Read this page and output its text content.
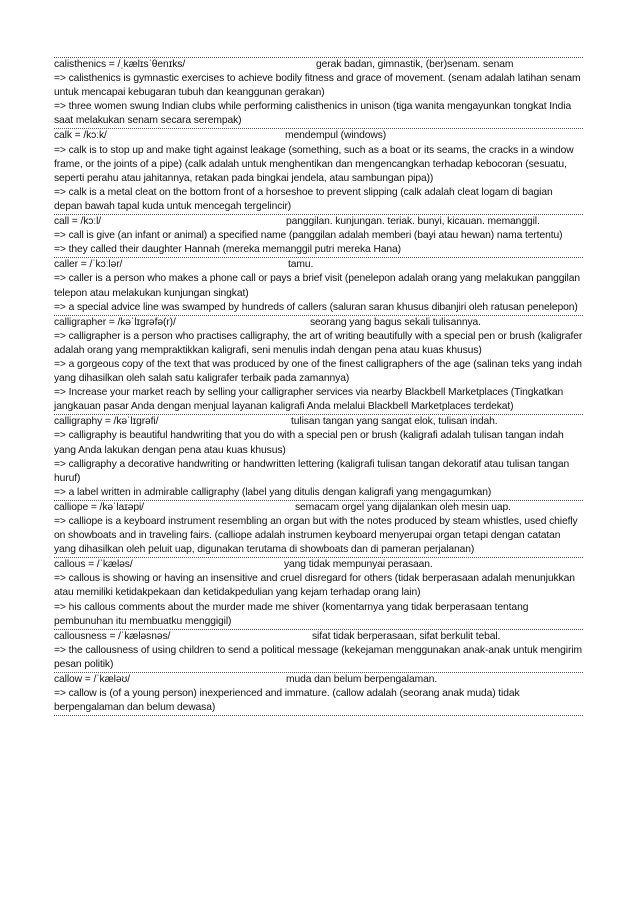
calisthenics = /ˌkælɪsˈθenɪks/	gerak badan, gimnastik, (ber)senam. senam
=> calisthenics is gymnastic exercises to achieve bodily fitness and grace of movement. (senam adalah latihan senam untuk mencapai kebugaran tubuh dan keanggunan gerakan)
=> three women swung Indian clubs while performing calisthenics in unison (tiga wanita mengayunkan tongkat India saat melakukan senam secara serempak)
calk = /kɔːk/	mendempul (windows)
=> calk is to stop up and make tight against leakage (something, such as a boat or its seams, the cracks in a window frame, or the joints of a pipe) (calk adalah untuk menghentikan dan mengencangkan terhadap kebocoran (sesuatu, seperti perahu atau jahitannya, retakan pada bingkai jendela, atau sambungan pipa))
=> calk is a metal cleat on the bottom front of a horseshoe to prevent slipping (calk adalah cleat logam di bagian depan bawah tapal kuda untuk mencegah tergelincir)
call = /kɔːl/	panggilan. kunjungan. teriak. bunyi, kicauan. memanggil.
=> call is give (an infant or animal) a specified name (panggilan adalah memberi (bayi atau hewan) nama tertentu)
=> they called their daughter Hannah (mereka memanggil putri mereka Hana)
caller = /ˈkɔːlər/	tamu.
=> caller is a person who makes a phone call or pays a brief visit (penelepon adalah orang yang melakukan panggilan telepon atau melakukan kunjungan singkat)
=> a special advice line was swamped by hundreds of callers (saluran saran khusus dibanjiri oleh ratusan penelepon)
calligrapher = /kəˈlɪɡrəfə(r)/	seorang yang bagus sekali tulisannya.
=> calligrapher is a person who practises calligraphy, the art of writing beautifully with a special pen or brush (kaligrafer adalah orang yang mempraktikkan kaligrafi, seni menulis indah dengan pena atau kuas khusus)
=> a gorgeous copy of the text that was produced by one of the finest calligraphers of the age (salinan teks yang indah yang dihasilkan oleh salah satu kaligrafer terbaik pada zamannya)
=> Increase your market reach by selling your calligrapher services via nearby Blackbell Marketplaces (Tingkatkan jangkauan pasar Anda dengan menjual layanan kaligrafi Anda melalui Blackbell Marketplaces terdekat)
calligraphy = /kəˈlɪɡrəfi/	tulisan tangan yang sangat elok, tulisan indah.
=> calligraphy is beautiful handwriting that you do with a special pen or brush (kaligrafi adalah tulisan tangan indah yang Anda lakukan dengan pena atau kuas khusus)
=> calligraphy a decorative handwriting or handwritten lettering (kaligrafi tulisan tangan dekoratif atau tulisan tangan huruf)
=> a label written in admirable calligraphy (label yang ditulis dengan kaligrafi yang mengagumkan)
calliope = /kəˈlaɪəpi/	semacam orgel yang dijalankan oleh mesin uap.
=> calliope is a keyboard instrument resembling an organ but with the notes produced by steam whistles, used chiefly on showboats and in traveling fairs. (calliope adalah instrumen keyboard menyerupai organ tetapi dengan catatan yang dihasilkan oleh peluit uap, digunakan terutama di showboats dan di pameran perjalanan)
callous = /ˈkæləs/	yang tidak mempunyai perasaan.
=> callous is showing or having an insensitive and cruel disregard for others (tidak berperasaan adalah menunjukkan atau memiliki ketidakpekaan dan ketidakpedulian yang kejam terhadap orang lain)
=> his callous comments about the murder made me shiver (komentarnya yang tidak berperasaan tentang pembunuhan itu membuatku menggigil)
callousness = /ˈkæləsnəs/	sifat tidak berperasaan, sifat berkulit tebal.
=> the callousness of using children to send a political message (kekejaman menggunakan anak-anak untuk mengirim pesan politik)
callow = /ˈkæləʊ/	muda dan belum berpengalaman.
=> callow is (of a young person) inexperienced and immature. (callow adalah (seorang anak muda) tidak berpengalaman dan belum dewasa)
